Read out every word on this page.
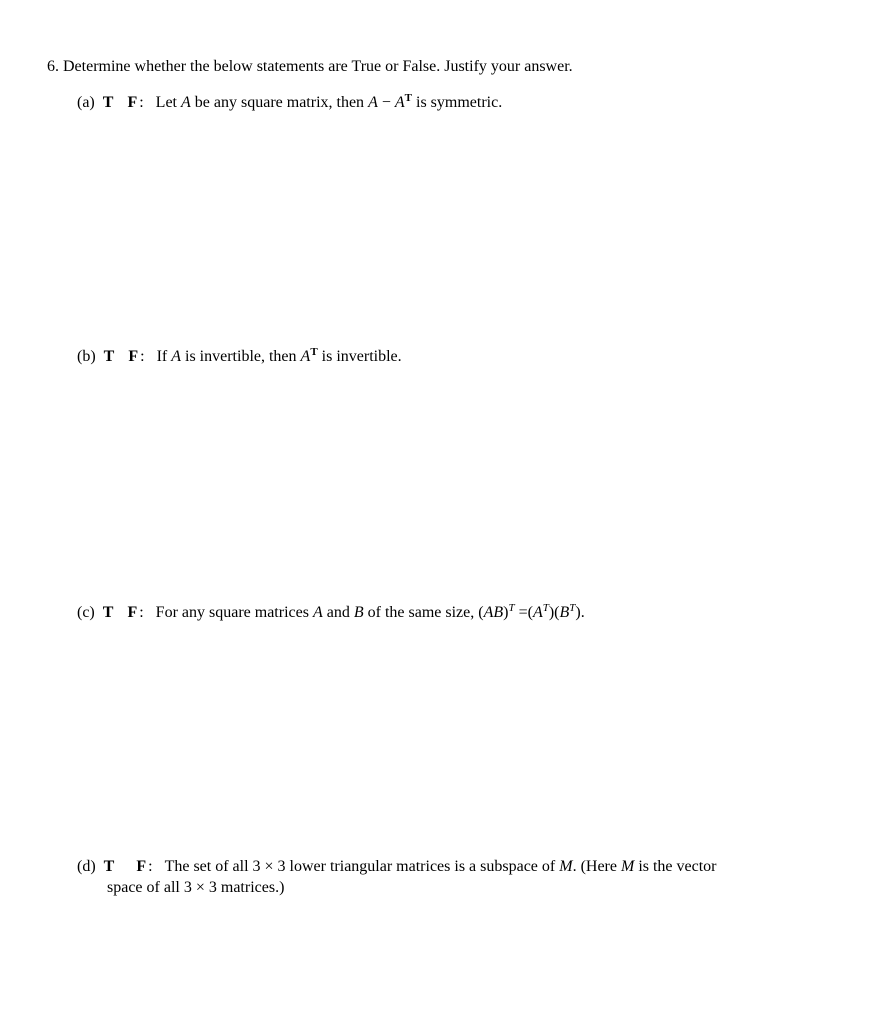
6. Determine whether the below statements are True or False. Justify your answer.
(a) T F : Let A be any square matrix, then $A - A^T$ is symmetric.
(b) T F : If A is invertible, then $A^T$ is invertible.
(c) T F : For any square matrices A and B of the same size, $(AB)^T =(A^T)(B^T)$.
(d) T F : The set of all 3 × 3 lower triangular matrices is a subspace of M. (Here M is the vector
space of all 3 × 3 matrices.)
